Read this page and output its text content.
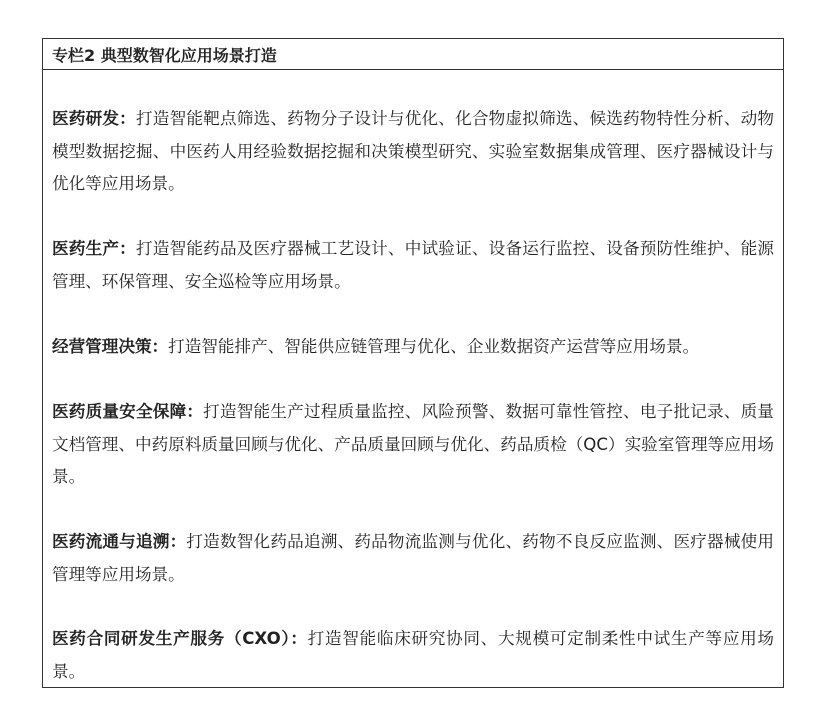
专栏2 典型数智化应用场景打造

医药研发：打造智能靶点筛选、药物分子设计与优化、化合物虚拟筛选、候选药物特性分析、动物模型数据挖掘、中医药人用经验数据挖掘和决策模型研究、实验室数据集成管理、医疗器械设计与优化等应用场景。

医药生产：打造智能药品及医疗器械工艺设计、中试验证、设备运行监控、设备预防性维护、能源管理、环保管理、安全巡检等应用场景。

经营管理决策：打造智能排产、智能供应链管理与优化、企业数据资产运营等应用场景。

医药质量安全保障：打造智能生产过程质量监控、风险预警、数据可靠性管控、电子批记录、质量文档管理、中药原料质量回顾与优化、产品质量回顾与优化、药品质检（QC）实验室管理等应用场景。

医药流通与追溯：打造数智化药品追溯、药品物流监测与优化、药物不良反应监测、医疗器械使用管理等应用场景。

医药合同研发生产服务（CXO）：打造智能临床研究协同、大规模可定制柔性中试生产等应用场景。
